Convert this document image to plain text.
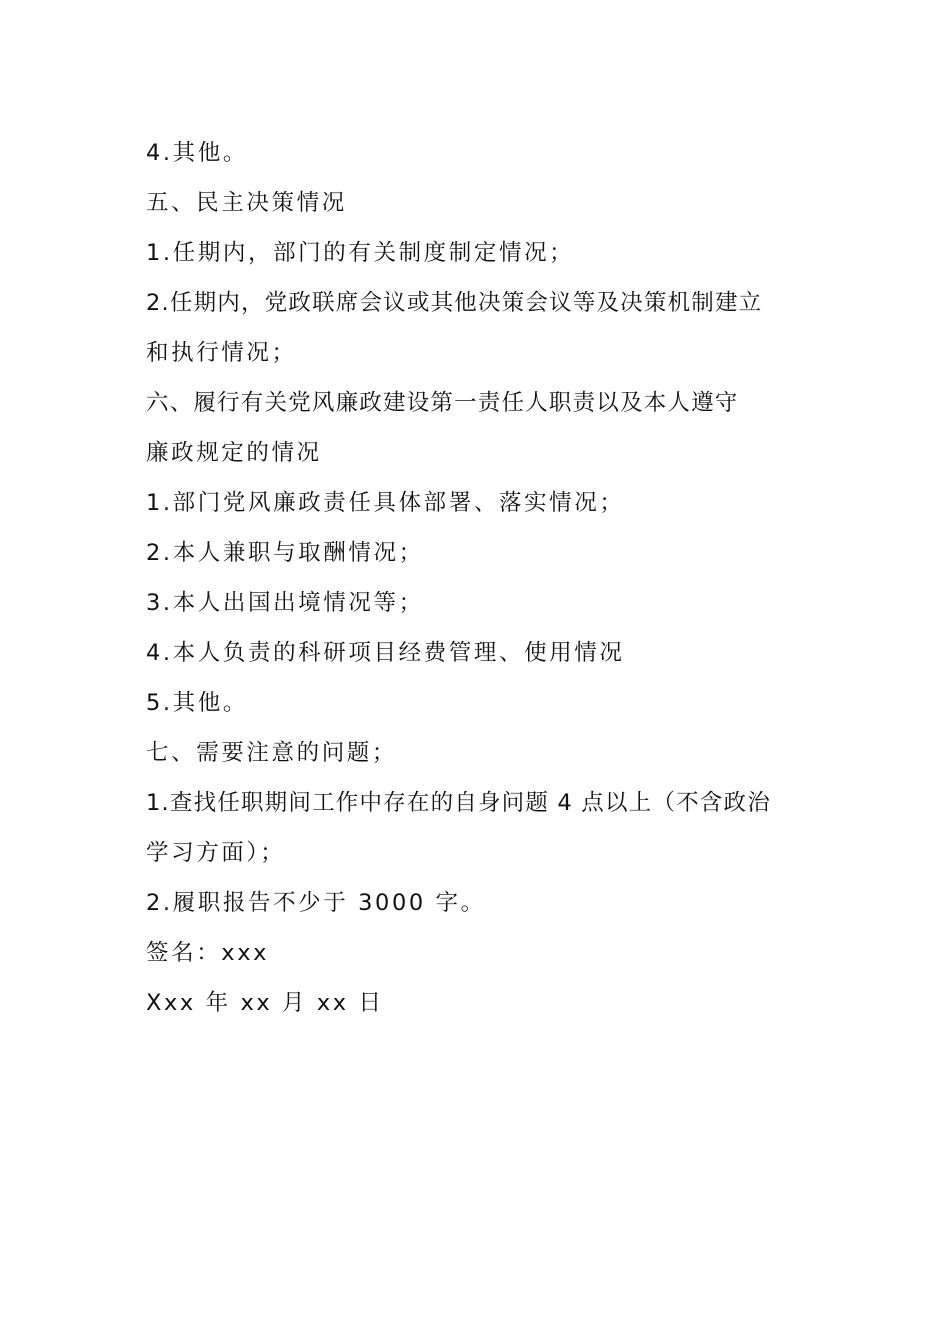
4.其他。
五、民主决策情况
1.任期内，部门的有关制度制定情况；
2.任期内，党政联席会议或其他决策会议等及决策机制建立
和执行情况；
六、履行有关党风廉政建设第一责任人职责以及本人遵守
廉政规定的情况
1.部门党风廉政责任具体部署、落实情况；
2.本人兼职与取酬情况；
3.本人出国出境情况等；
4.本人负责的科研项目经费管理、使用情况
5.其他。
七、需要注意的问题；
1.查找任职期间工作中存在的自身问题 4 点以上（不含政治
学习方面）；
2.履职报告不少于 3000 字。
签名：xxx
Xxx 年 xx 月 xx 日
